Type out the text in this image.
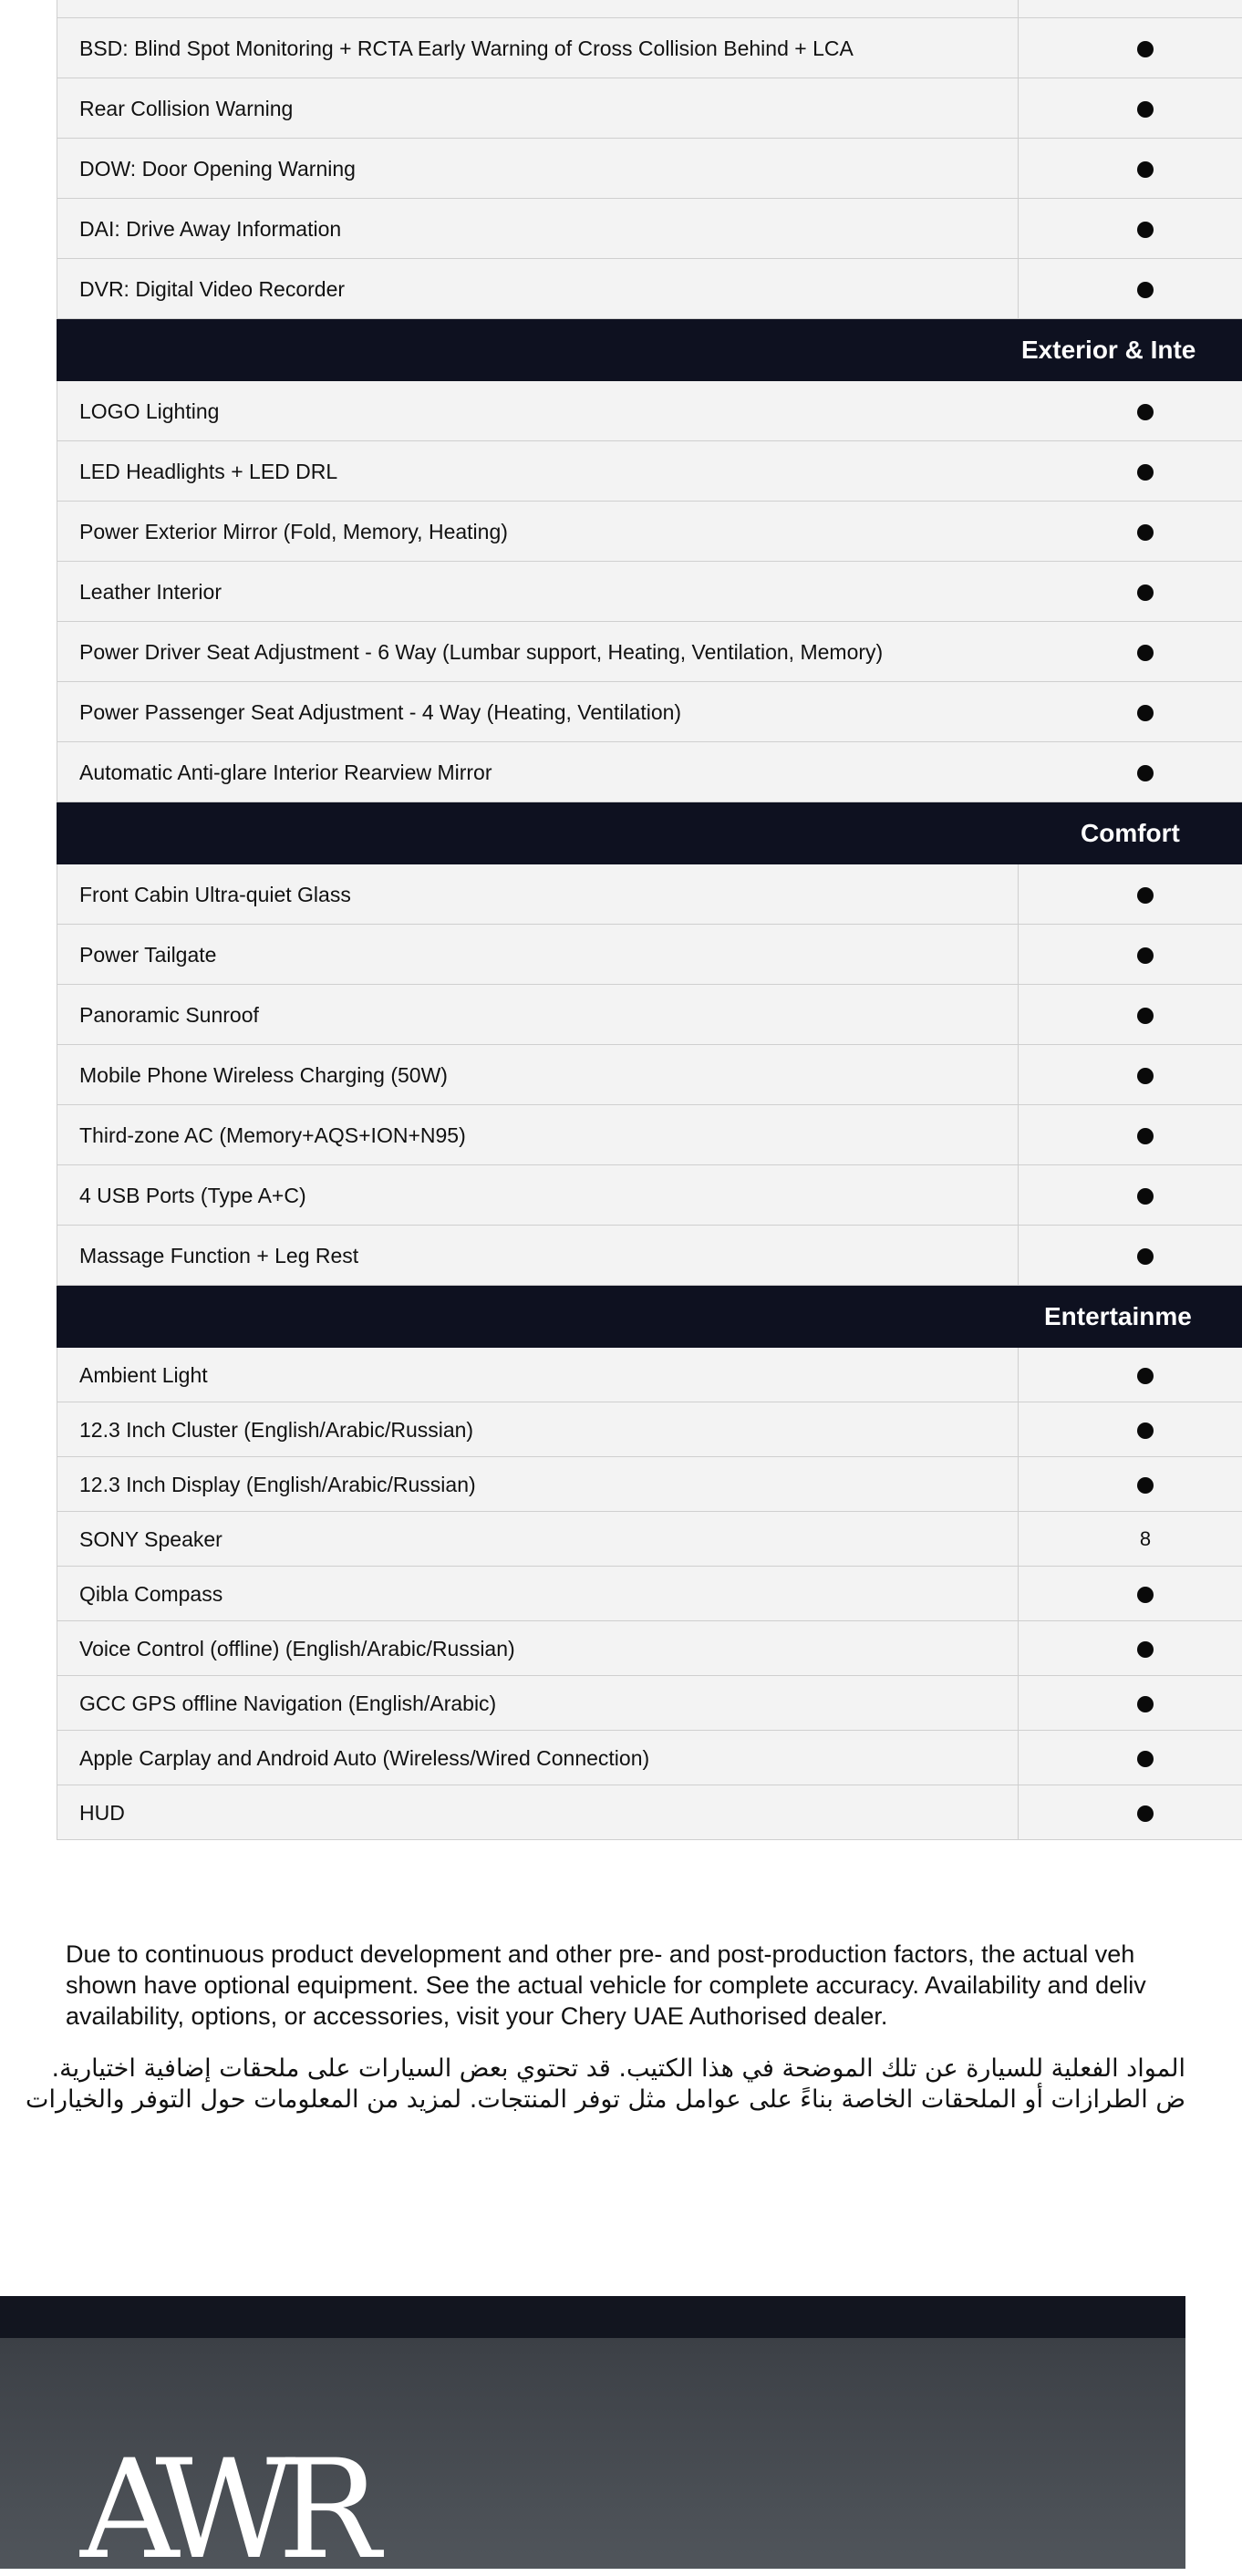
BSD: Blind Spot Monitoring + RCTA Early Warning of Cross Collision Behind + LCA
Rear Collision Warning
DOW: Door Opening Warning
DAI: Drive Away Information
DVR: Digital Video Recorder
Exterior & Inte
LOGO Lighting
LED Headlights + LED DRL
Power Exterior Mirror (Fold, Memory, Heating)
Leather Interior
Power Driver Seat Adjustment - 6 Way (Lumbar support, Heating, Ventilation, Memory)
Power Passenger Seat Adjustment - 4 Way (Heating, Ventilation)
Automatic Anti-glare Interior Rearview Mirror
Comfort
Front Cabin Ultra-quiet Glass
Power Tailgate
Panoramic Sunroof
Mobile Phone Wireless Charging (50W)
Third-zone AC (Memory+AQS+ION+N95)
4 USB Ports (Type A+C)
Massage Function + Leg Rest
Entertainme
Ambient Light
12.3 Inch Cluster (English/Arabic/Russian)
12.3 Inch Display (English/Arabic/Russian)
SONY Speaker	8
Qibla Compass
Voice Control (offline) (English/Arabic/Russian)
GCC GPS offline Navigation (English/Arabic)
Apple Carplay and Android Auto (Wireless/Wired Connection)
HUD
Due to continuous product development and other pre- and post-production factors, the actual veh shown have optional equipment. See the actual vehicle for complete accuracy. Availability and deliv availability, options, or accessories, visit your Chery UAE Authorised dealer.
المواد الفعلية للسيارة عن تلك الموضحة في هذا الكتيب. قد تحتوي بعض السيارات على ملحقات إضافية اختيارية.
ض الطرازات أو الملحقات الخاصة بناءً على عوامل مثل توفر المنتجات. لمزيد من المعلومات حول التوفر والخيارات
AWR
